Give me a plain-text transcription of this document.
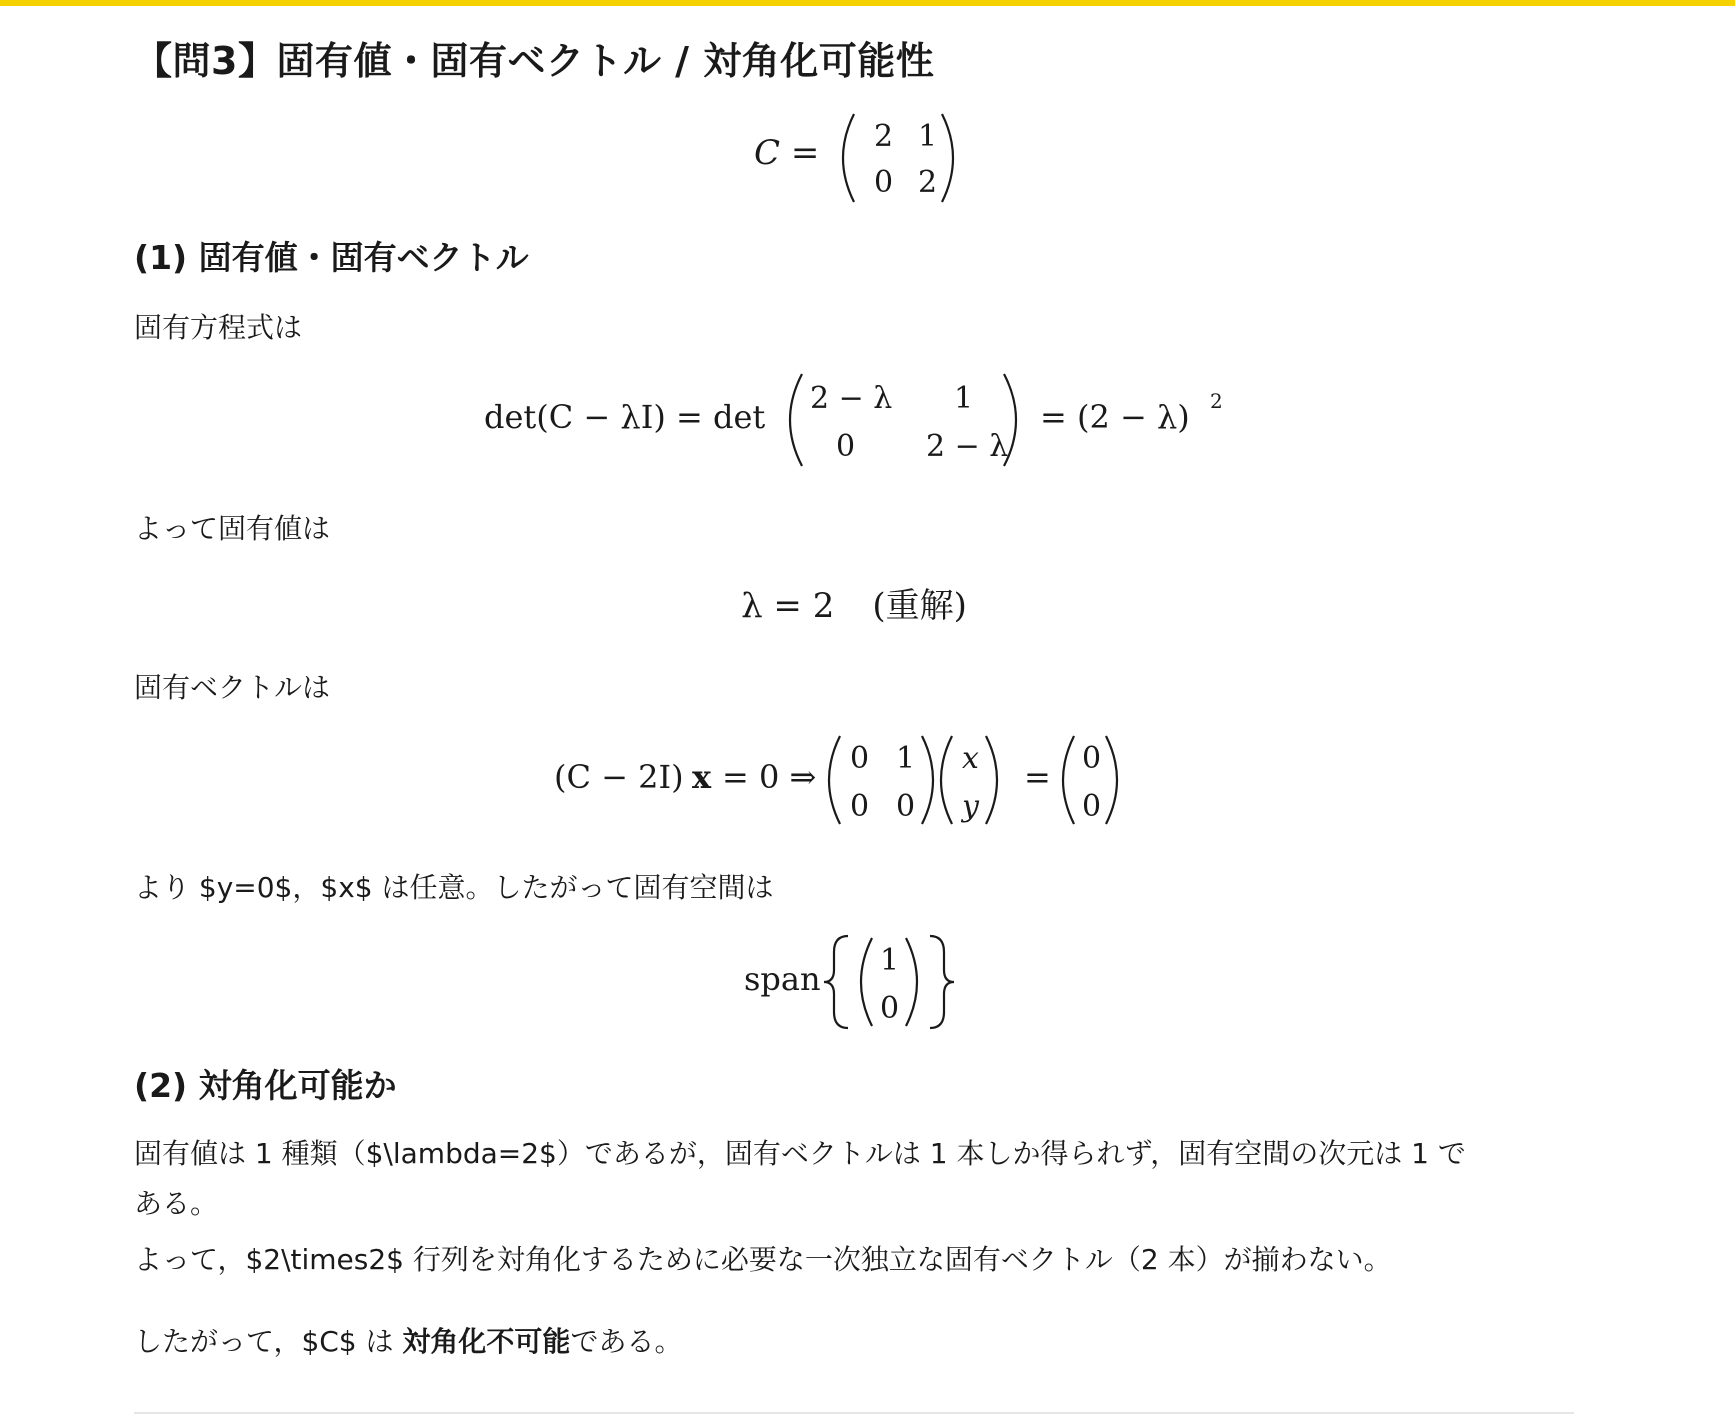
【問3】固有値・固有ベクトル / 対角化可能性
C = 2 1
0 2
(1) 固有値・固有ベクトル

固有方程式は

det(C − λI) = det 2 − λ 1
0 2 − λ
= (2 − λ) 2

よって固有値は

λ = 2 (重解)

固有ベクトルは

(C − 2I) x = 0 ⇒ 0 1
0 0
x
y
= 0
0

より $y=0$，$x$ は任意。したがって固有空間は

span 1
0
(2) 対角化可能か

固有値は 1 種類（$\lambda=2$）であるが，固有ベクトルは 1 本しか得られず，固有空間の次元は 1 で

ある。

よって，$2\times2$ 行列を対角化するために必要な一次独立な固有ベクトル（2 本）が揃わない。

したがって，$C$ は 対角化不可能である。
